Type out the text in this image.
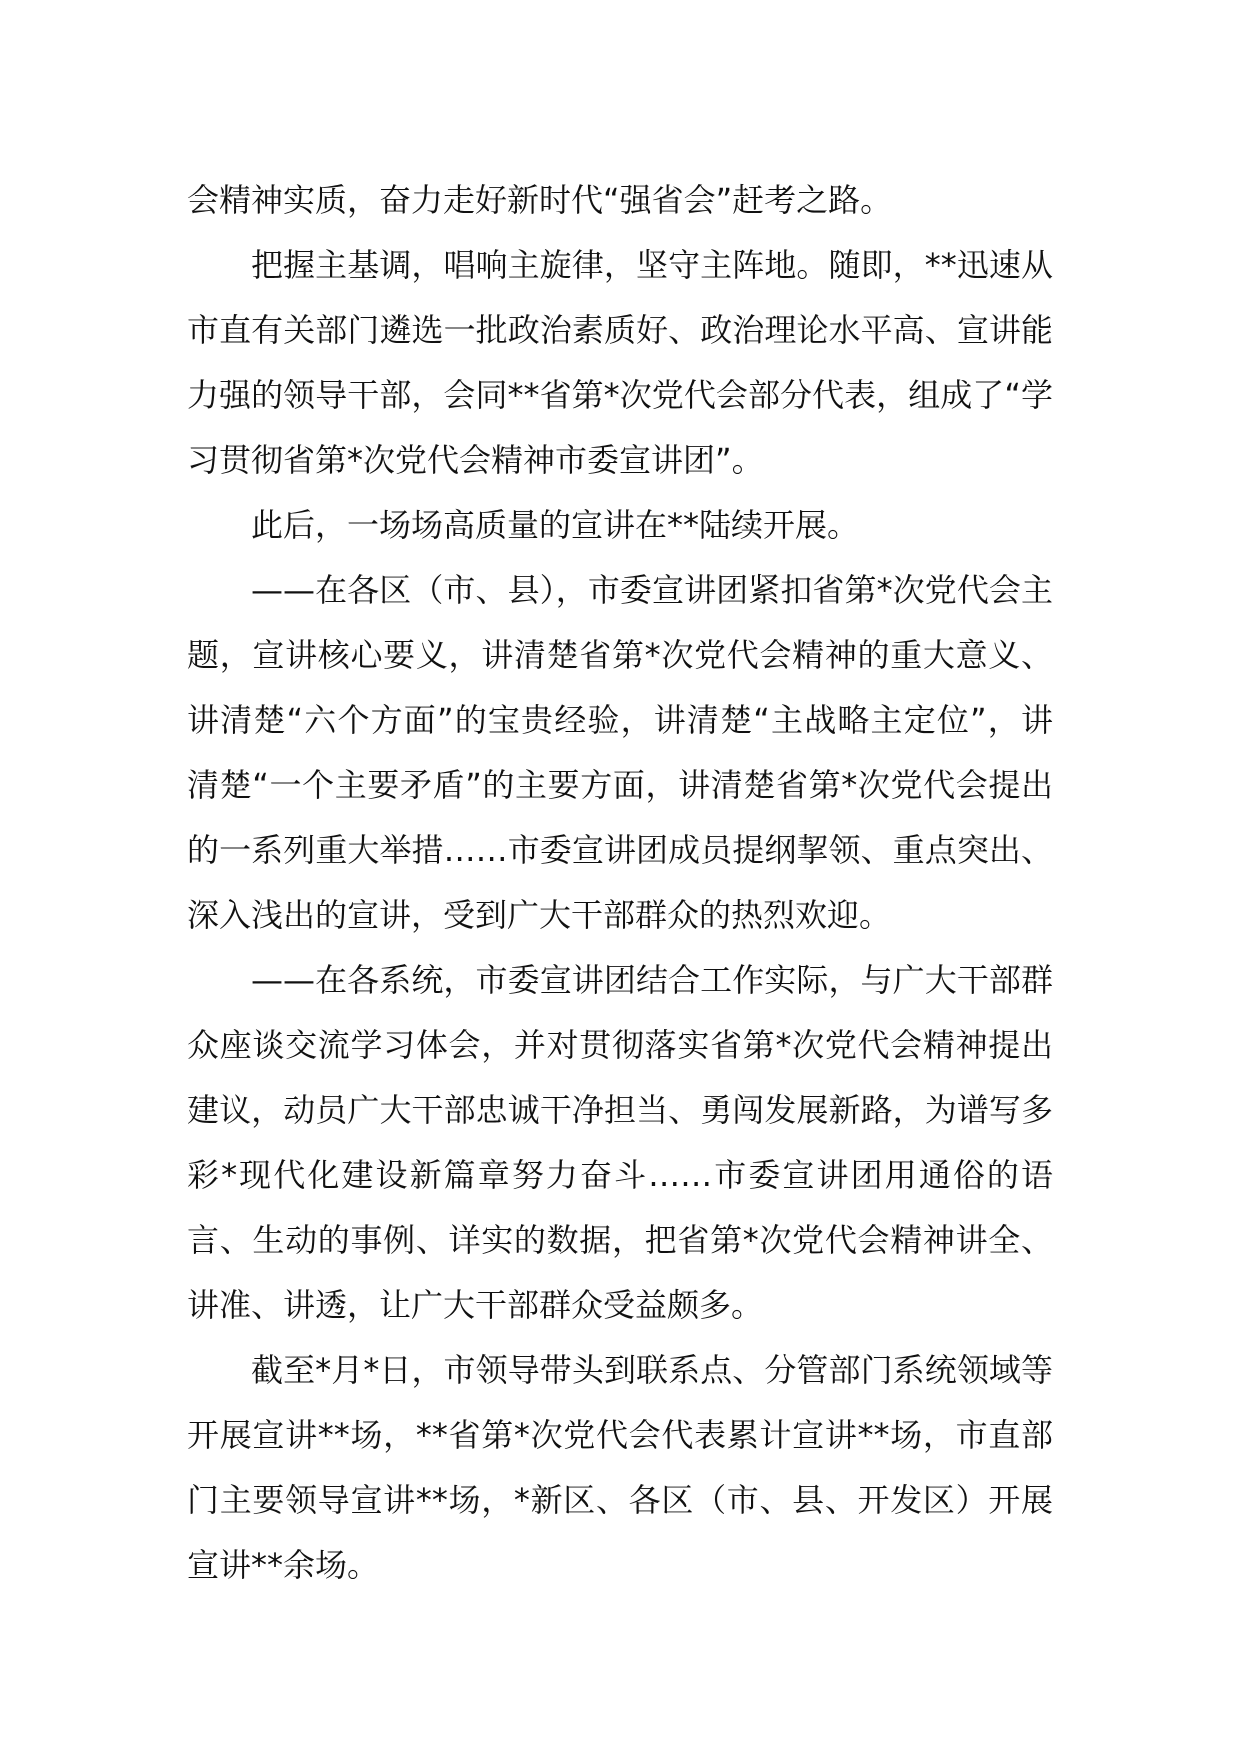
会精神实质，奋力走好新时代“强省会”赶考之路。

把握主基调，唱响主旋律，坚守主阵地。随即，**迅速从市直有关部门遴选一批政治素质好、政治理论水平高、宣讲能力强的领导干部，会同**省第*次党代会部分代表，组成了“学习贯彻省第*次党代会精神市委宣讲团”。

此后，一场场高质量的宣讲在**陆续开展。

——在各区（市、县），市委宣讲团紧扣省第*次党代会主题，宣讲核心要义，讲清楚省第*次党代会精神的重大意义、讲清楚“六个方面”的宝贵经验，讲清楚“主战略主定位”，讲清楚“一个主要矛盾”的主要方面，讲清楚省第*次党代会提出的一系列重大举措……市委宣讲团成员提纲挈领、重点突出、深入浅出的宣讲，受到广大干部群众的热烈欢迎。

——在各系统，市委宣讲团结合工作实际，与广大干部群众座谈交流学习体会，并对贯彻落实省第*次党代会精神提出建议，动员广大干部忠诚干净担当、勇闯发展新路，为谱写多彩*现代化建设新篇章努力奋斗……市委宣讲团用通俗的语言、生动的事例、详实的数据，把省第*次党代会精神讲全、讲准、讲透，让广大干部群众受益颇多。

截至*月*日，市领导带头到联系点、分管部门系统领域等开展宣讲**场，**省第*次党代会代表累计宣讲**场，市直部门主要领导宣讲**场，*新区、各区（市、县、开发区）开展宣讲**余场。
